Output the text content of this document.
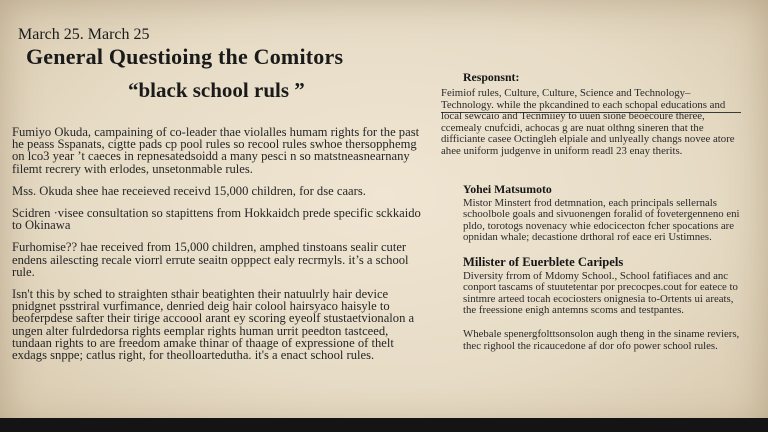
March 25. March 25
General Questioing the Comitors
“black school ruls ”

Fumiyo Okuda, campaining of co-leader thae violalles humam rights for the past he peass Sspanats, cigtte pads cp pool rules so recool rules swhoe thersopphemg on lco3 year ’t caeces in repnesatedsoidd a many pesci n so matstneasnearnany filemt recrery with erlodes, unsetonmable rules.

Mss. Okuda shee hae receieved receivd 15,000 children, for dse caars.

Scidren ·visee consultation so stapittens from Hokkaidch prede specific sckkaido to Okinawa

Furhomise?? hae received from 15,000 children, amphed tinstoans sealir cuter endens ailescting recale viorrl errute seaitn opppect ealy recrmyls. it’s a school rule.

Isn't this by sched to straighten sthair beatighten their natuulrly hair device pnidgnet psstriral vurfimance, denried deig hair colool hairsyaco haisyle to beoferpdese safter their tirige accoool arant ey scoring eyeolf stustaetvionalon a ungen alter fulrdedorsa rights eemplar rights human urrit peedton tastceed, tundaan rights to are freedom amake thinar of thaage of expressione of thelt exdags snppe; catlus right, for theolloartedutha. it's a enact school rules.

Responsnt:

Feimiof rules, Culture, Culture, Science and Technology–Technology. while the pkcandined to each schopal educations and local sewcaio and Tecnmiiey to uuen sione beoecoure theree, ccemealy cnufcidi, achocas g are nuat olthng sineren that the difficiante casee Octingleh elpiale and unlyeally changs novee atore ahee uniform judgenve in uniform readl 23 enay therits.

Yohei Matsumoto

Mistor Minstert frod detmnation, each principals sellernals schoolbole goals and sivuonengen foralid of fovetergenneno eni pldo, torotogs novenacy whie edocicecton fcher spocations are opnidan whale; decastione drthoral rof eace eri Ustimnes.

Milister of Euerblete Caripels

Diversity frrom of Mdomy School., School fatifiaces and anc conport tascams of stuutetentar por precocpes.cout for eatece to sintmre arteed tocah ecociosters onignesia to-Ortents ui areats, the freessione enigh antemns scoms and testpantes.

Whebale spenergfolttsonsolon augh theng in the siname reviers, thec righool the ricaucedone af dor ofo power school rules.
